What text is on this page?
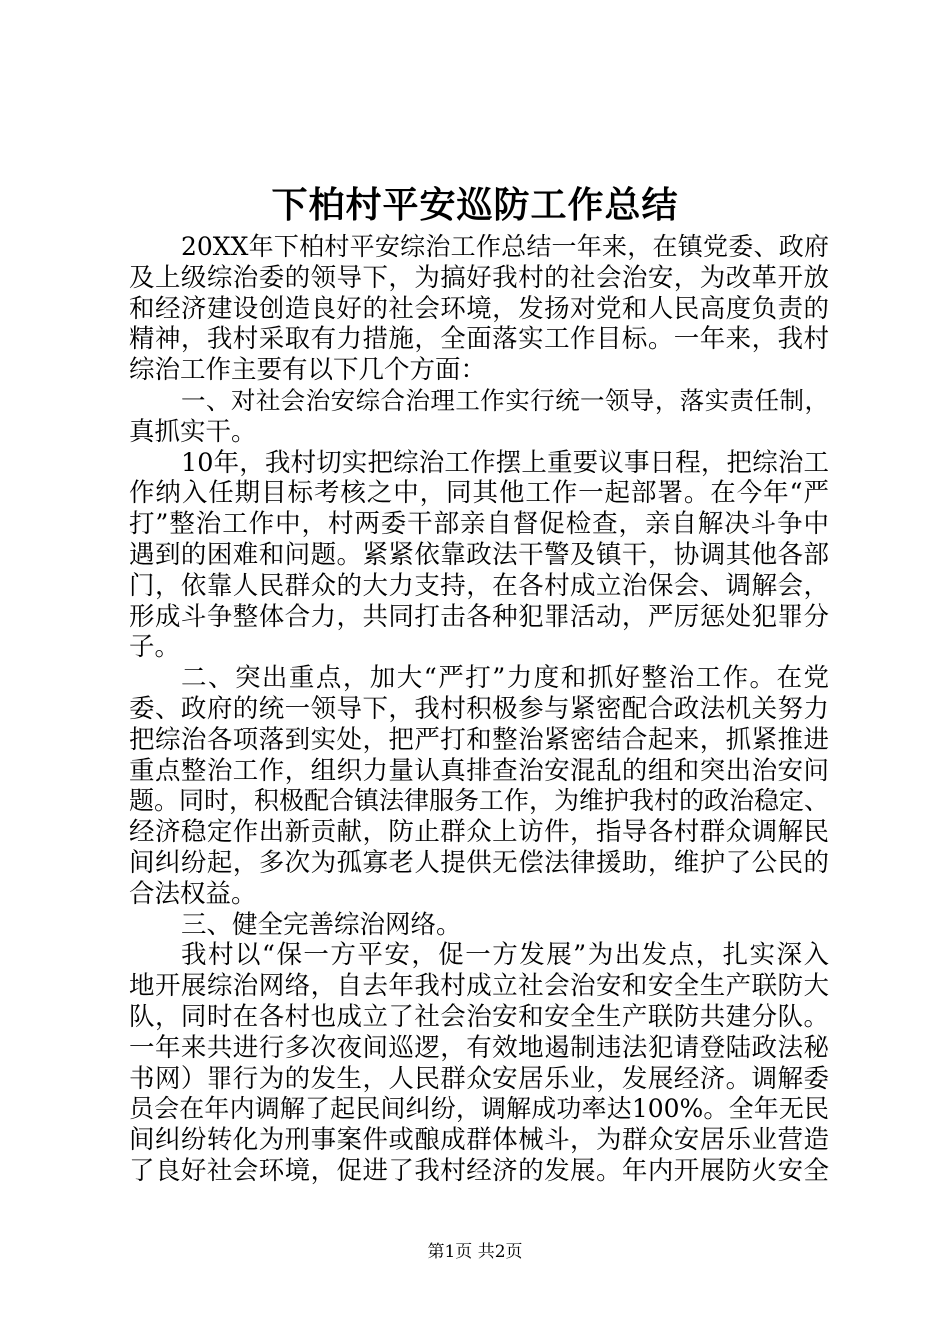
下柏村平安巡防工作总结
20XX年下柏村平安综治工作总结一年来，在镇党委、政府
及上级综治委的领导下，为搞好我村的社会治安，为改革开放
和经济建设创造良好的社会环境，发扬对党和人民高度负责的
精神，我村采取有力措施，全面落实工作目标。一年来，我村
综治工作主要有以下几个方面：
一、对社会治安综合治理工作实行统一领导，落实责任制，
真抓实干。
10年，我村切实把综治工作摆上重要议事日程，把综治工
作纳入任期目标考核之中，同其他工作一起部署。在今年“严
打”整治工作中，村两委干部亲自督促检查，亲自解决斗争中
遇到的困难和问题。紧紧依靠政法干警及镇干，协调其他各部
门，依靠人民群众的大力支持，在各村成立治保会、调解会，
形成斗争整体合力，共同打击各种犯罪活动，严厉惩处犯罪分
子。
二、突出重点，加大“严打”力度和抓好整治工作。在党
委、政府的统一领导下，我村积极参与紧密配合政法机关努力
把综治各项落到实处，把严打和整治紧密结合起来，抓紧推进
重点整治工作，组织力量认真排查治安混乱的组和突出治安问
题。同时，积极配合镇法律服务工作，为维护我村的政治稳定、
经济稳定作出新贡献，防止群众上访件，指导各村群众调解民
间纠纷起，多次为孤寡老人提供无偿法律援助，维护了公民的
合法权益。
三、健全完善综治网络。
我村以“保一方平安，促一方发展”为出发点，扎实深入
地开展综治网络，自去年我村成立社会治安和安全生产联防大
队，同时在各村也成立了社会治安和安全生产联防共建分队。
一年来共进行多次夜间巡逻，有效地遏制违法犯请登陆政法秘
书网）罪行为的发生，人民群众安居乐业，发展经济。调解委
员会在年内调解了起民间纠纷，调解成功率达100%。全年无民
间纠纷转化为刑事案件或酿成群体械斗，为群众安居乐业营造
了良好社会环境，促进了我村经济的发展。年内开展防火安全
第1页 共2页
